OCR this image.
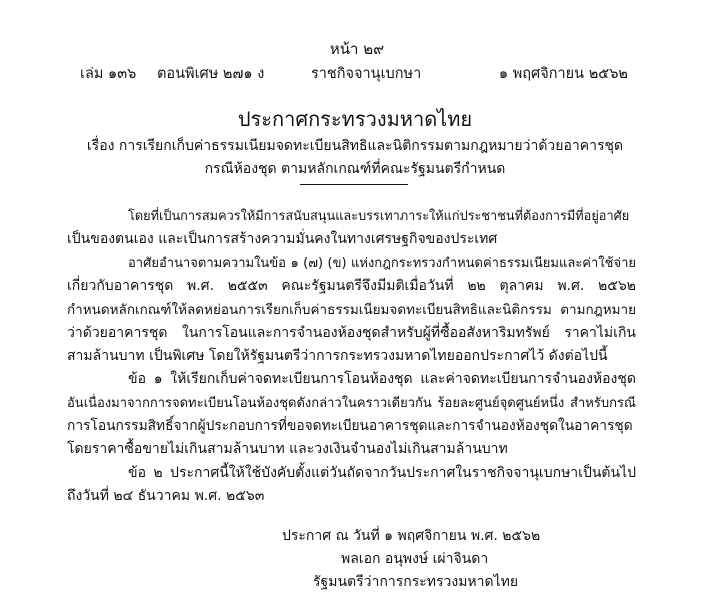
หน้า ๒๙
เล่ม ๑๓๖ ตอนพิเศษ ๒๗๑ ง	ราชกิจจานุเบกษา	๑ พฤศจิกายน ๒๕๖๒
ประกาศกระทรวงมหาดไทย
เรื่อง การเรียกเก็บค่าธรรมเนียมจดทะเบียนสิทธิและนิติกรรมตามกฎหมายว่าด้วยอาคารชุด
กรณีห้องชุด ตามหลักเกณฑ์ที่คณะรัฐมนตรีกำหนด
โดยที่เป็นการสมควรให้มีการสนับสนุนและบรรเทาภาระให้แก่ประชาชนที่ต้องการมีที่อยู่อาศัย
เป็นของตนเอง และเป็นการสร้างความมั่นคงในทางเศรษฐกิจของประเทศ
อาศัยอำนาจตามความในข้อ ๑ (๗) (ข) แห่งกฎกระทรวงกำหนดค่าธรรมเนียมและค่าใช้จ่าย
เกี่ยวกับอาคารชุด พ.ศ. ๒๕๕๓ คณะรัฐมนตรีจึงมีมติเมื่อวันที่ ๒๒ ตุลาคม พ.ศ. ๒๕๖๒
กำหนดหลักเกณฑ์ให้ลดหย่อนการเรียกเก็บค่าธรรมเนียมจดทะเบียนสิทธิและนิติกรรม ตามกฎหมาย
ว่าด้วยอาคารชุด ในการโอนและการจำนองห้องชุดสำหรับผู้ที่ซื้ออสังหาริมทรัพย์ ราคาไม่เกิน
สามล้านบาท เป็นพิเศษ โดยให้รัฐมนตรีว่าการกระทรวงมหาดไทยออกประกาศไว้ ดังต่อไปนี้
ข้อ ๑ ให้เรียกเก็บค่าจดทะเบียนการโอนห้องชุด และค่าจดทะเบียนการจำนองห้องชุด
อันเนื่องมาจากการจดทะเบียนโอนห้องชุดดังกล่าวในคราวเดียวกัน ร้อยละศูนย์จุดศูนย์หนึ่ง สำหรับกรณี
การโอนกรรมสิทธิ์จากผู้ประกอบการที่ขอจดทะเบียนอาคารชุดและการจำนองห้องชุดในอาคารชุด
โดยราคาซื้อขายไม่เกินสามล้านบาท และวงเงินจำนองไม่เกินสามล้านบาท
ข้อ ๒ ประกาศนี้ให้ใช้บังคับตั้งแต่วันถัดจากวันประกาศในราชกิจจานุเบกษาเป็นต้นไป
ถึงวันที่ ๒๔ ธันวาคม พ.ศ. ๒๕๖๓
ประกาศ ณ วันที่ ๑ พฤศจิกายน พ.ศ. ๒๕๖๒
พลเอก อนุพงษ์ เผ่าจินดา
รัฐมนตรีว่าการกระทรวงมหาดไทย
